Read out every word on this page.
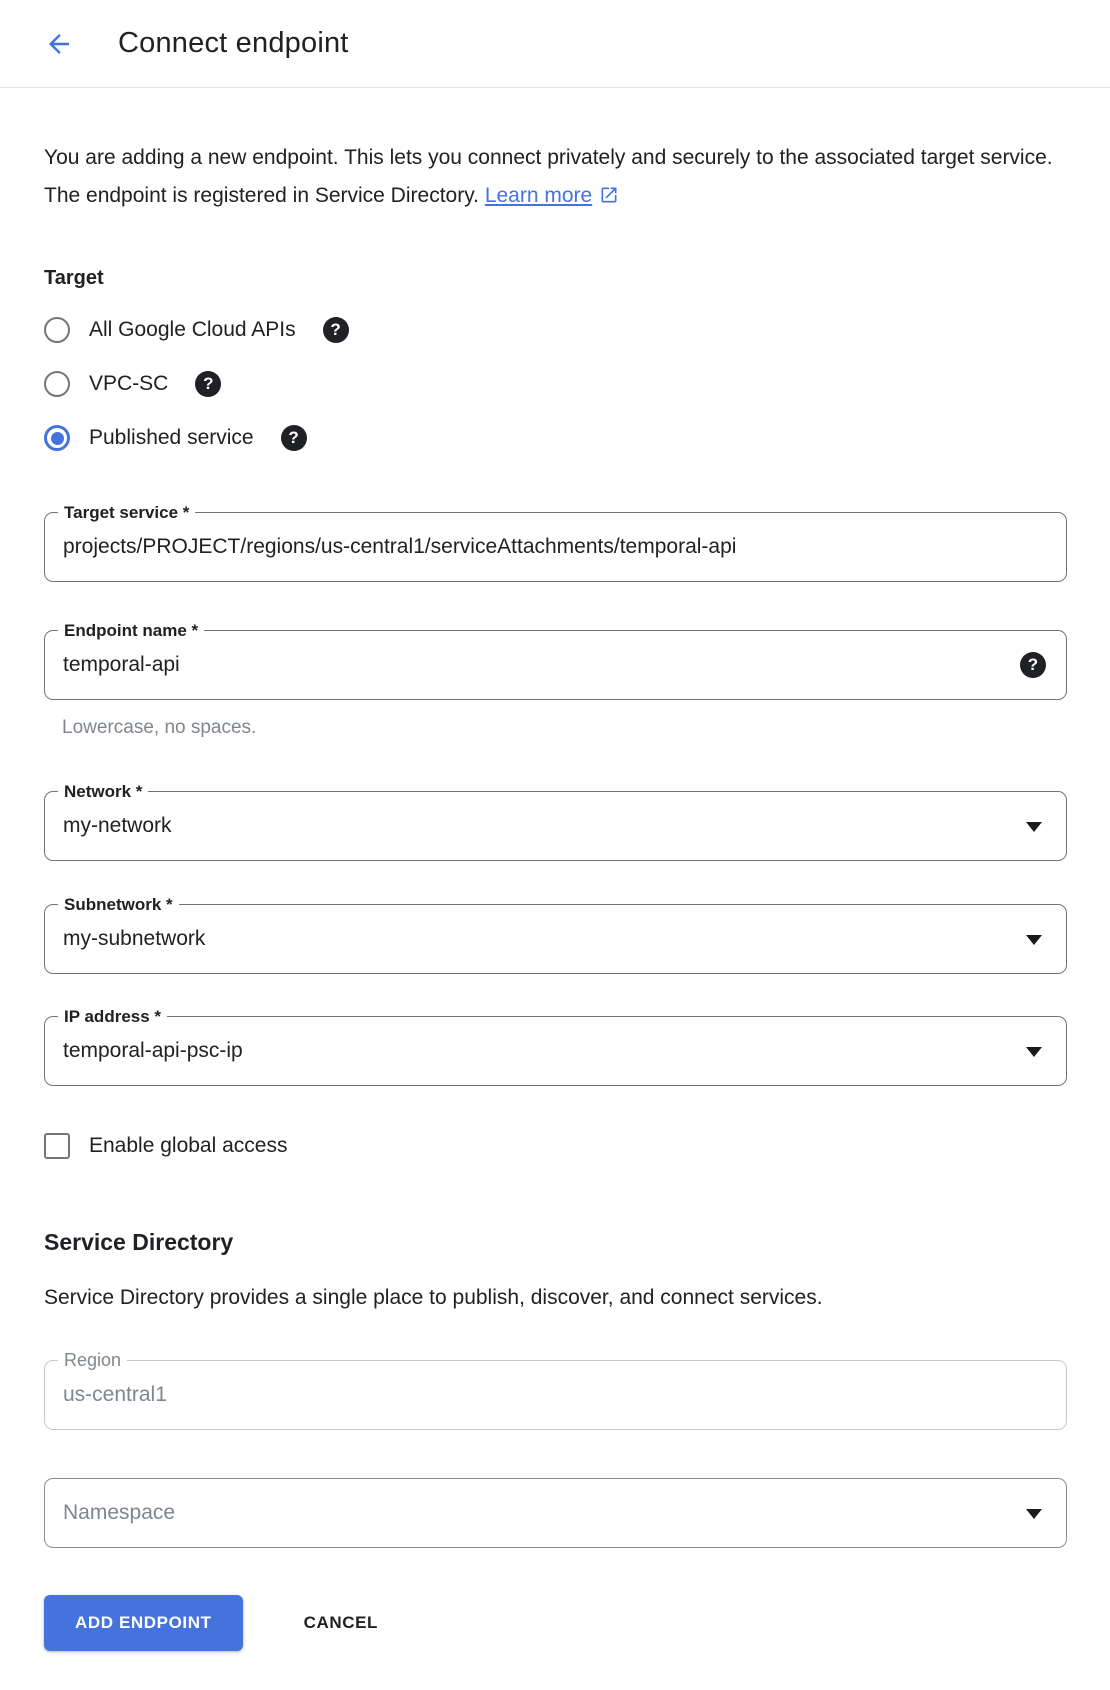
Connect endpoint

You are adding a new endpoint. This lets you connect privately and securely to the associated target service. The endpoint is registered in Service Directory. Learn more

Target
All Google Cloud APIs	?
VPC-SC	?
Published service	?
Target service *
projects/PROJECT/regions/us-central1/serviceAttachments/temporal-api
Endpoint name *
temporal-api	?
Lowercase, no spaces.
Network *
my-network
Subnetwork *
my-subnetwork
IP address *
temporal-api-psc-ip
Enable global access
Service Directory

Service Directory provides a single place to publish, discover, and connect services.

Region
us-central1
Namespace
ADD ENDPOINT	CANCEL
